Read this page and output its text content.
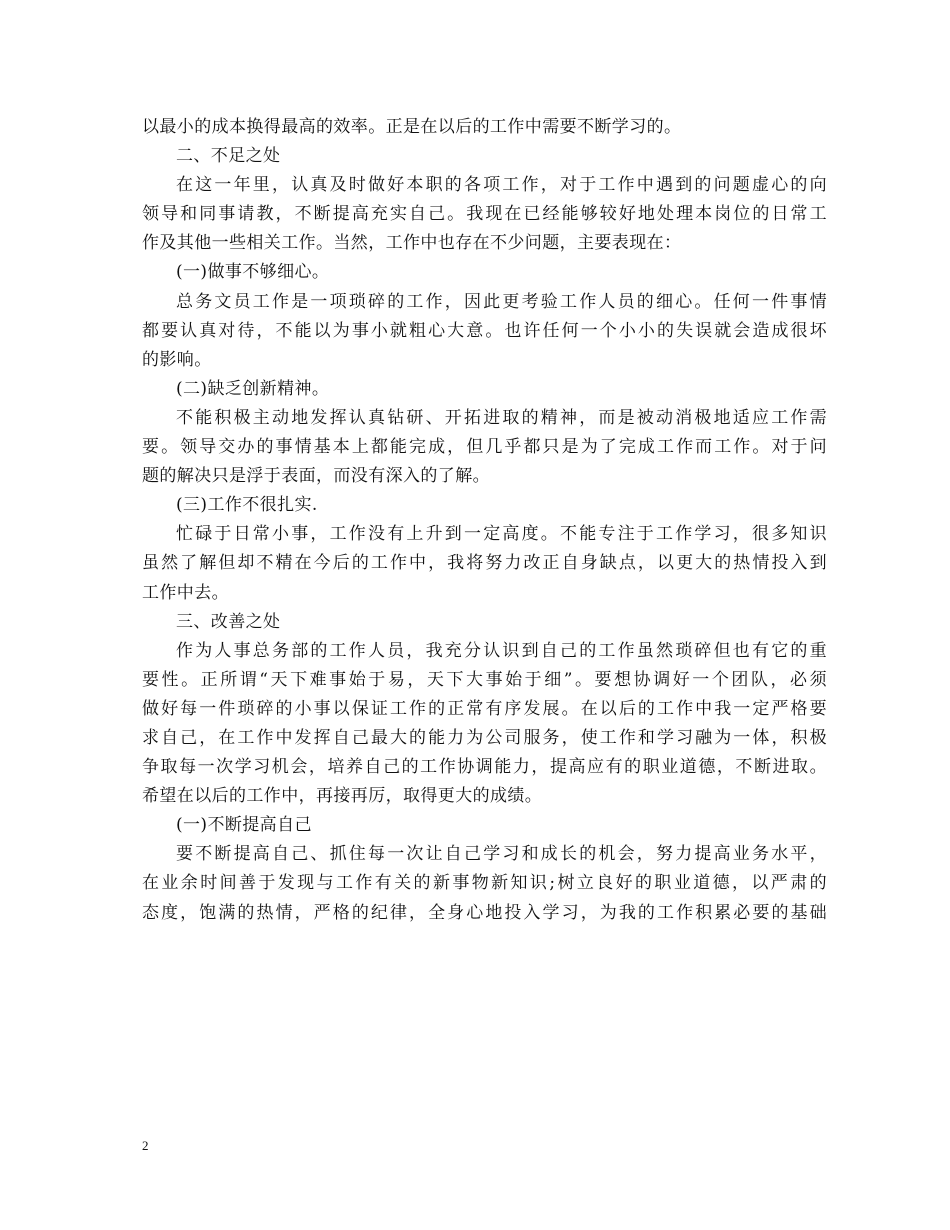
以最小的成本换得最高的效率。正是在以后的工作中需要不断学习的。
二、不足之处
在这一年里，认真及时做好本职的各项工作，对于工作中遇到的问题虚心的向
领导和同事请教，不断提高充实自己。我现在已经能够较好地处理本岗位的日常工
作及其他一些相关工作。当然，工作中也存在不少问题，主要表现在：
(一)做事不够细心。
总务文员工作是一项琐碎的工作，因此更考验工作人员的细心。任何一件事情
都要认真对待，不能以为事小就粗心大意。也许任何一个小小的失误就会造成很坏
的影响。
(二)缺乏创新精神。
不能积极主动地发挥认真钻研、开拓进取的精神，而是被动消极地适应工作需
要。领导交办的事情基本上都能完成，但几乎都只是为了完成工作而工作。对于问
题的解决只是浮于表面，而没有深入的了解。
(三)工作不很扎实.
忙碌于日常小事，工作没有上升到一定高度。不能专注于工作学习，很多知识
虽然了解但却不精在今后的工作中，我将努力改正自身缺点，以更大的热情投入到
工作中去。
三、改善之处
作为人事总务部的工作人员，我充分认识到自己的工作虽然琐碎但也有它的重
要性。正所谓“天下难事始于易，天下大事始于细”。要想协调好一个团队，必须
做好每一件琐碎的小事以保证工作的正常有序发展。在以后的工作中我一定严格要
求自己，在工作中发挥自己最大的能力为公司服务，使工作和学习融为一体，积极
争取每一次学习机会，培养自己的工作协调能力，提高应有的职业道德，不断进取。
希望在以后的工作中，再接再厉，取得更大的成绩。
(一)不断提高自己
要不断提高自己、抓住每一次让自己学习和成长的机会，努力提高业务水平，
在业余时间善于发现与工作有关的新事物新知识;树立良好的职业道德，以严肃的
态度，饱满的热情，严格的纪律，全身心地投入学习，为我的工作积累必要的基础
2
